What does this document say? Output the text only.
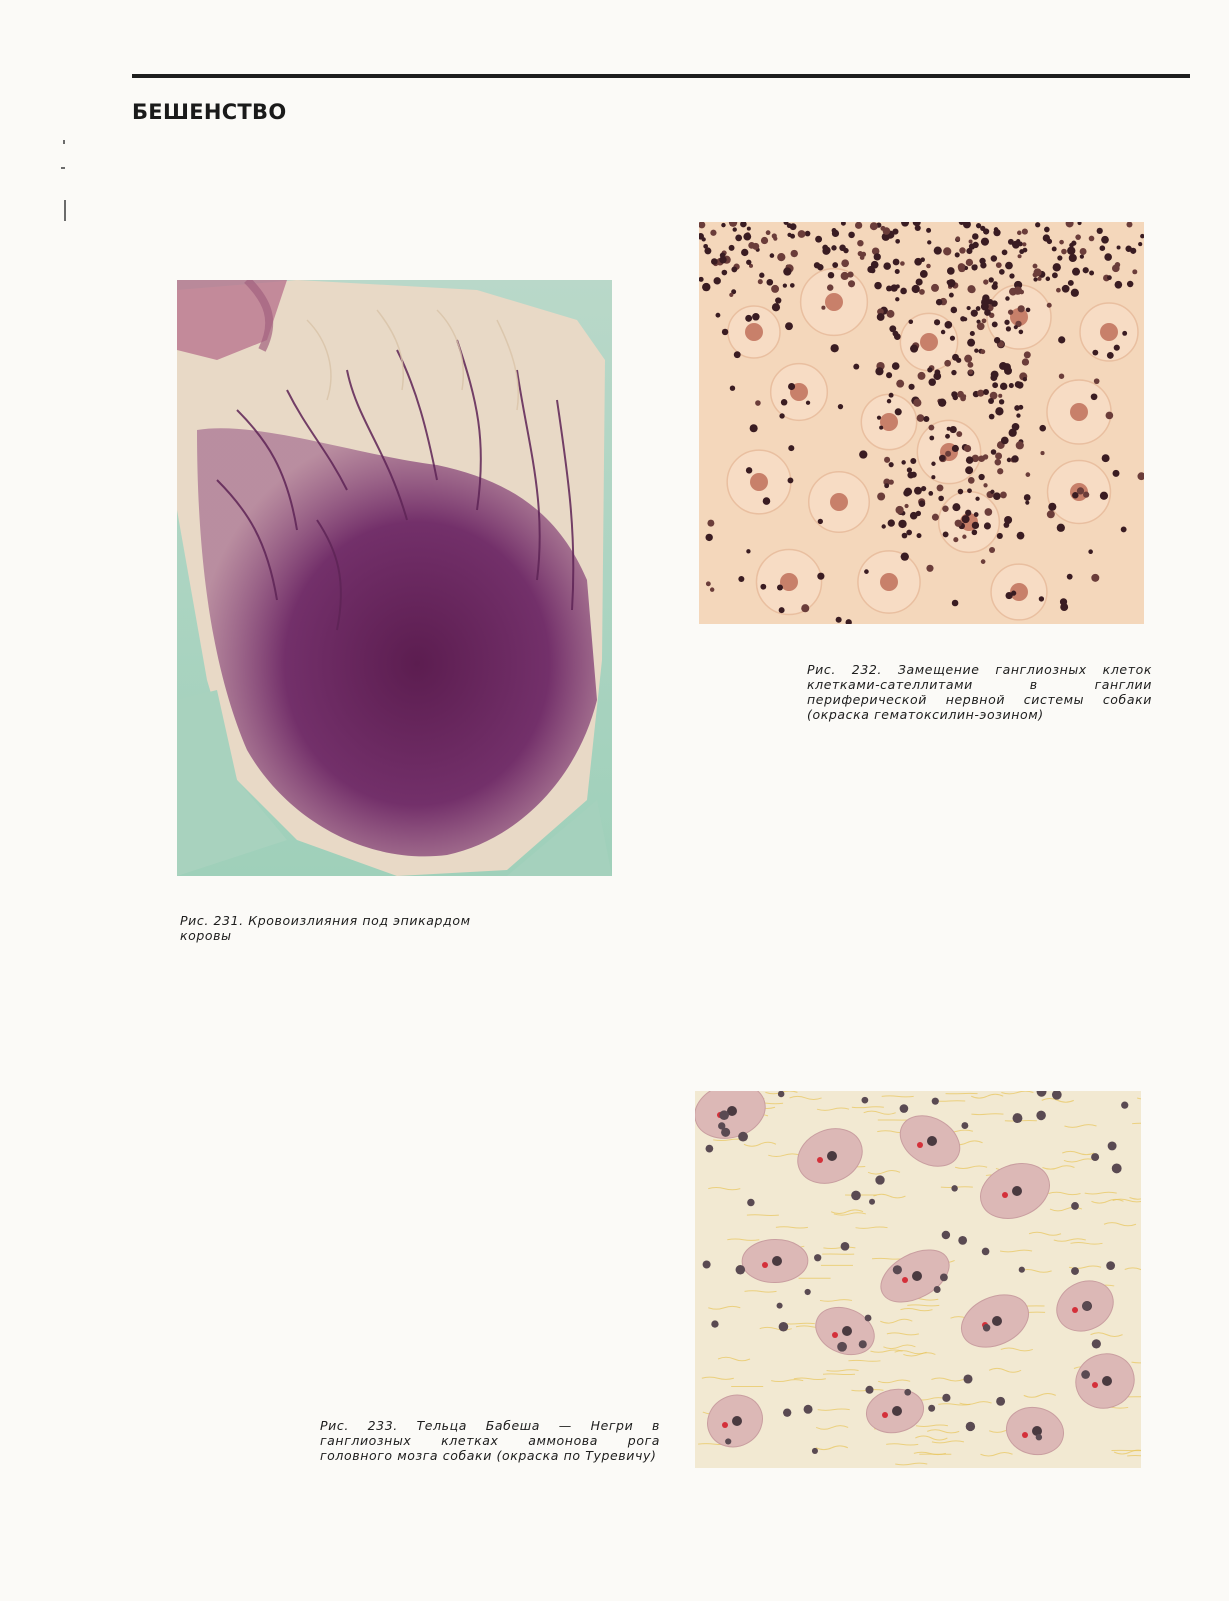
БЕШЕНСТВО

Рис. 231. Кровоизлияния под эпикардом коровы

Рис. 232. Замещение ганглиозных клеток клетками-сателлитами в ганглии периферической нервной системы собаки (окраска гематоксилин-эозином)

Рис. 233. Тельца Бабеша — Негри в ганглиозных клетках аммонова рога головного мозга собаки (окраска по Туревичу)
